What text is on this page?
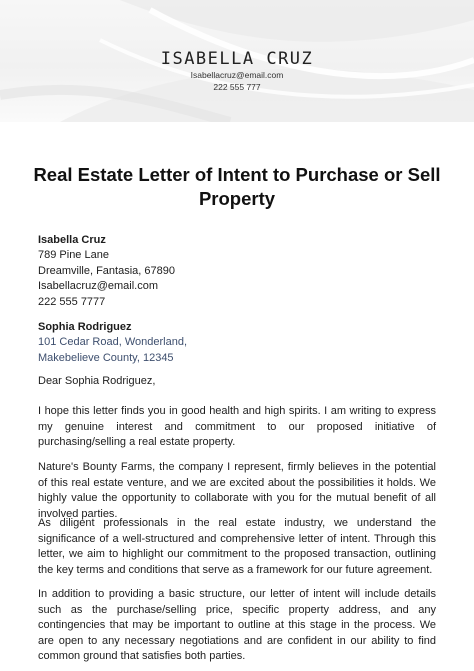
ISABELLA CRUZ
Isabellacruz@email.com
222 555 777
Real Estate Letter of Intent to Purchase or Sell Property
Isabella Cruz
789 Pine Lane
Dreamville, Fantasia, 67890
Isabellacruz@email.com
222 555 7777
Sophia Rodriguez
101 Cedar Road, Wonderland,
Makebelieve County, 12345
Dear Sophia Rodriguez,

I hope this letter finds you in good health and high spirits. I am writing to express my genuine interest and commitment to our proposed initiative of purchasing/selling a real estate property.

Nature's Bounty Farms, the company I represent, firmly believes in the potential of this real estate venture, and we are excited about the possibilities it holds. We highly value the opportunity to collaborate with you for the mutual benefit of all involved parties.

As diligent professionals in the real estate industry, we understand the significance of a well-structured and comprehensive letter of intent. Through this letter, we aim to highlight our commitment to the proposed transaction, outlining the key terms and conditions that serve as a framework for our future agreement.

In addition to providing a basic structure, our letter of intent will include details such as the purchase/selling price, specific property address, and any contingencies that may be important to outline at this stage in the process. We are open to any necessary negotiations and are confident in our ability to find common ground that satisfies both parties.
